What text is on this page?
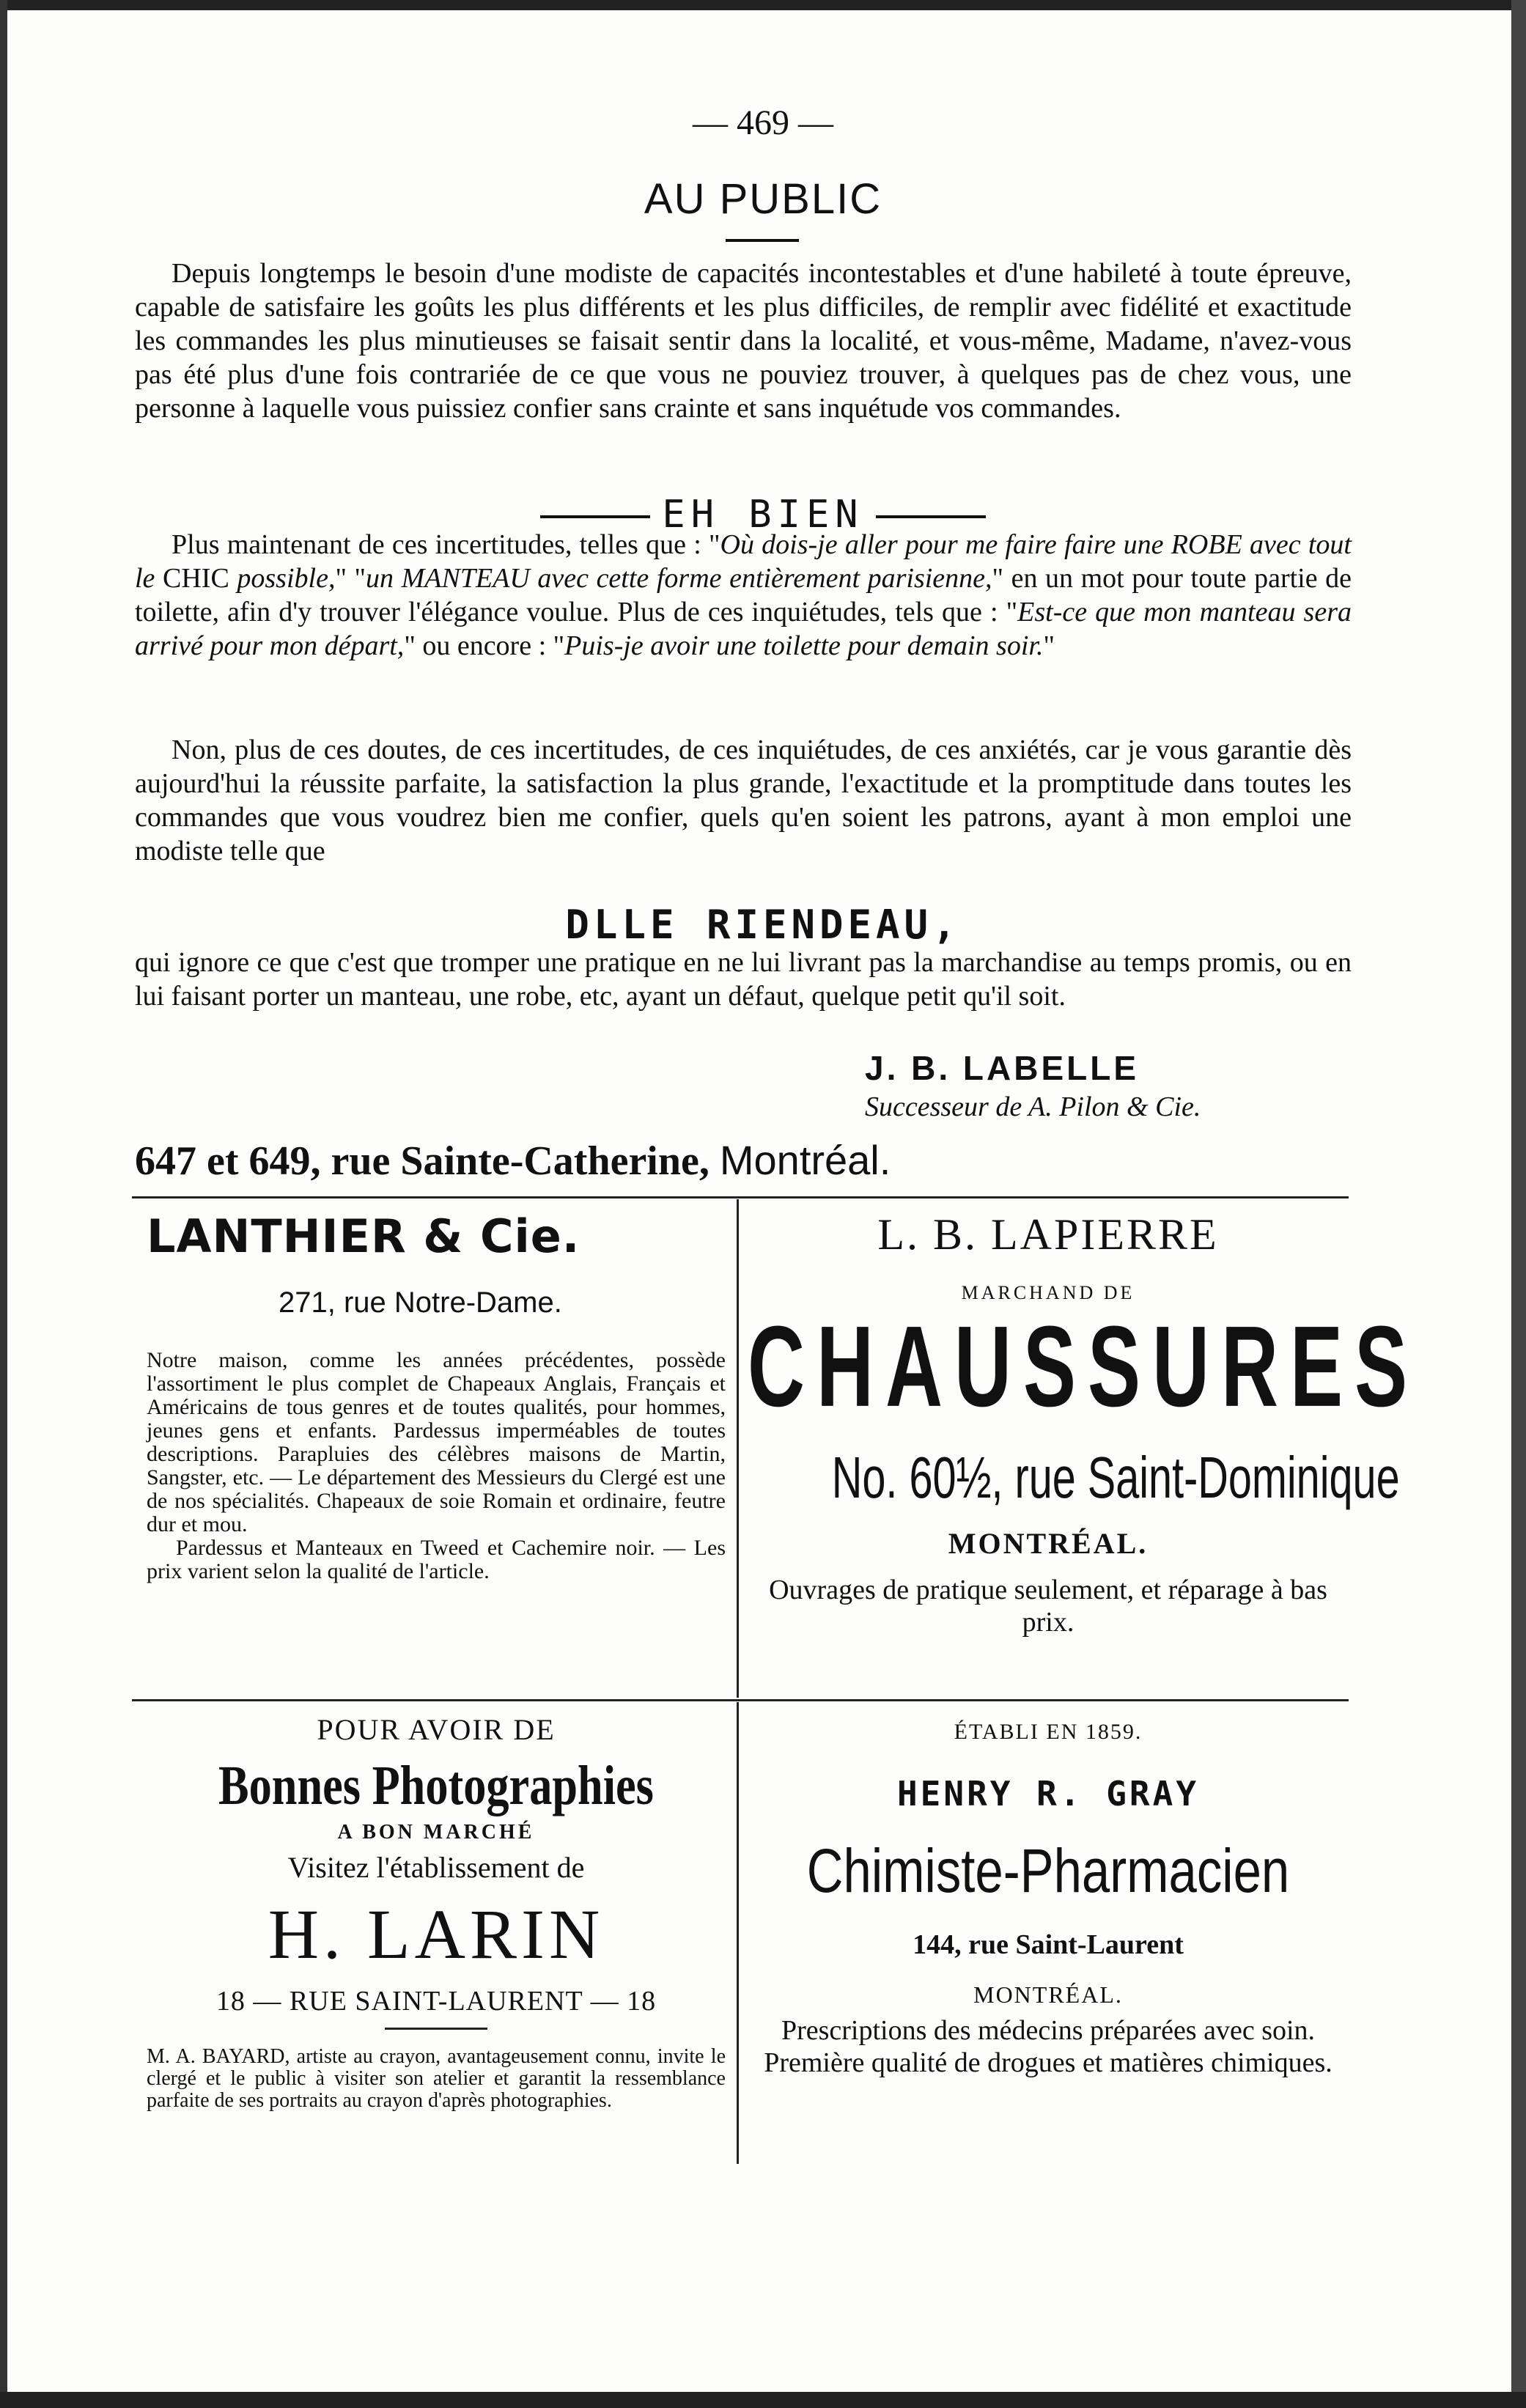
— 469 —
AU PUBLIC

Depuis longtemps le besoin d'une modiste de capacités incontestables et d'une habileté à toute épreuve, capable de satisfaire les goûts les plus différents et les plus difficiles, de remplir avec fidélité et exactitude les commandes les plus minutieuses se faisait sentir dans la localité, et vous-même, Madame, n'avez-vous pas été plus d'une fois contrariée de ce que vous ne pouviez trouver, à quelques pas de chez vous, une personne à laquelle vous puissiez confier sans crainte et sans inquétude vos commandes.

EH BIEN

Plus maintenant de ces incertitudes, telles que : "Où dois-je aller pour me faire faire une ROBE avec tout le CHIC possible," "un MANTEAU avec cette forme entièrement parisienne," en un mot pour toute partie de toilette, afin d'y trouver l'élégance voulue. Plus de ces inquiétudes, tels que : "Est-ce que mon manteau sera arrivé pour mon départ," ou encore : "Puis-je avoir une toilette pour demain soir."

Non, plus de ces doutes, de ces incertitudes, de ces inquiétudes, de ces anxiétés, car je vous garantie dès aujourd'hui la réussite parfaite, la satisfaction la plus grande, l'exactitude et la promptitude dans toutes les commandes que vous voudrez bien me confier, quels qu'en soient les patrons, ayant à mon emploi une modiste telle que

DLLE RIENDEAU,

qui ignore ce que c'est que tromper une pratique en ne lui livrant pas la marchandise au temps promis, ou en lui faisant porter un manteau, une robe, etc, ayant un défaut, quelque petit qu'il soit.

J. B. LABELLE
Successeur de A. Pilon & Cie.
647 et 649, rue Sainte-Catherine, Montréal.
LANTHIER & Cie.
271, rue Notre-Dame.
Notre maison, comme les années précédentes, possède l'assortiment le plus complet de Chapeaux Anglais, Français et Américains de tous genres et de toutes qualités, pour hommes, jeunes gens et enfants. Pardessus imperméables de toutes descriptions. Parapluies des célèbres maisons de Martin, Sangster, etc. — Le département des Messieurs du Clergé est une de nos spécialités. Chapeaux de soie Romain et ordinaire, feutre dur et mou.
Pardessus et Manteaux en Tweed et Cachemire noir. — Les prix varient selon la qualité de l'article.
L. B. LAPIERRE
MARCHAND DE
CHAUSSURES
No. 60½, rue Saint-Dominique
MONTRÉAL.
Ouvrages de pratique seulement, et réparage à bas prix.
POUR AVOIR DE
Bonnes Photographies
A BON MARCHÉ
Visitez l'établissement de
H. LARIN
18 — RUE SAINT-LAURENT — 18
M. A. BAYARD, artiste au crayon, avantageusement connu, invite le clergé et le public à visiter son atelier et garantit la ressemblance parfaite de ses portraits au crayon d'après photographies.
ÉTABLI EN 1859.
HENRY R. GRAY
Chimiste-Pharmacien
144, rue Saint-Laurent
MONTRÉAL.
Prescriptions des médecins préparées avec soin. Première qualité de drogues et matières chimiques.
